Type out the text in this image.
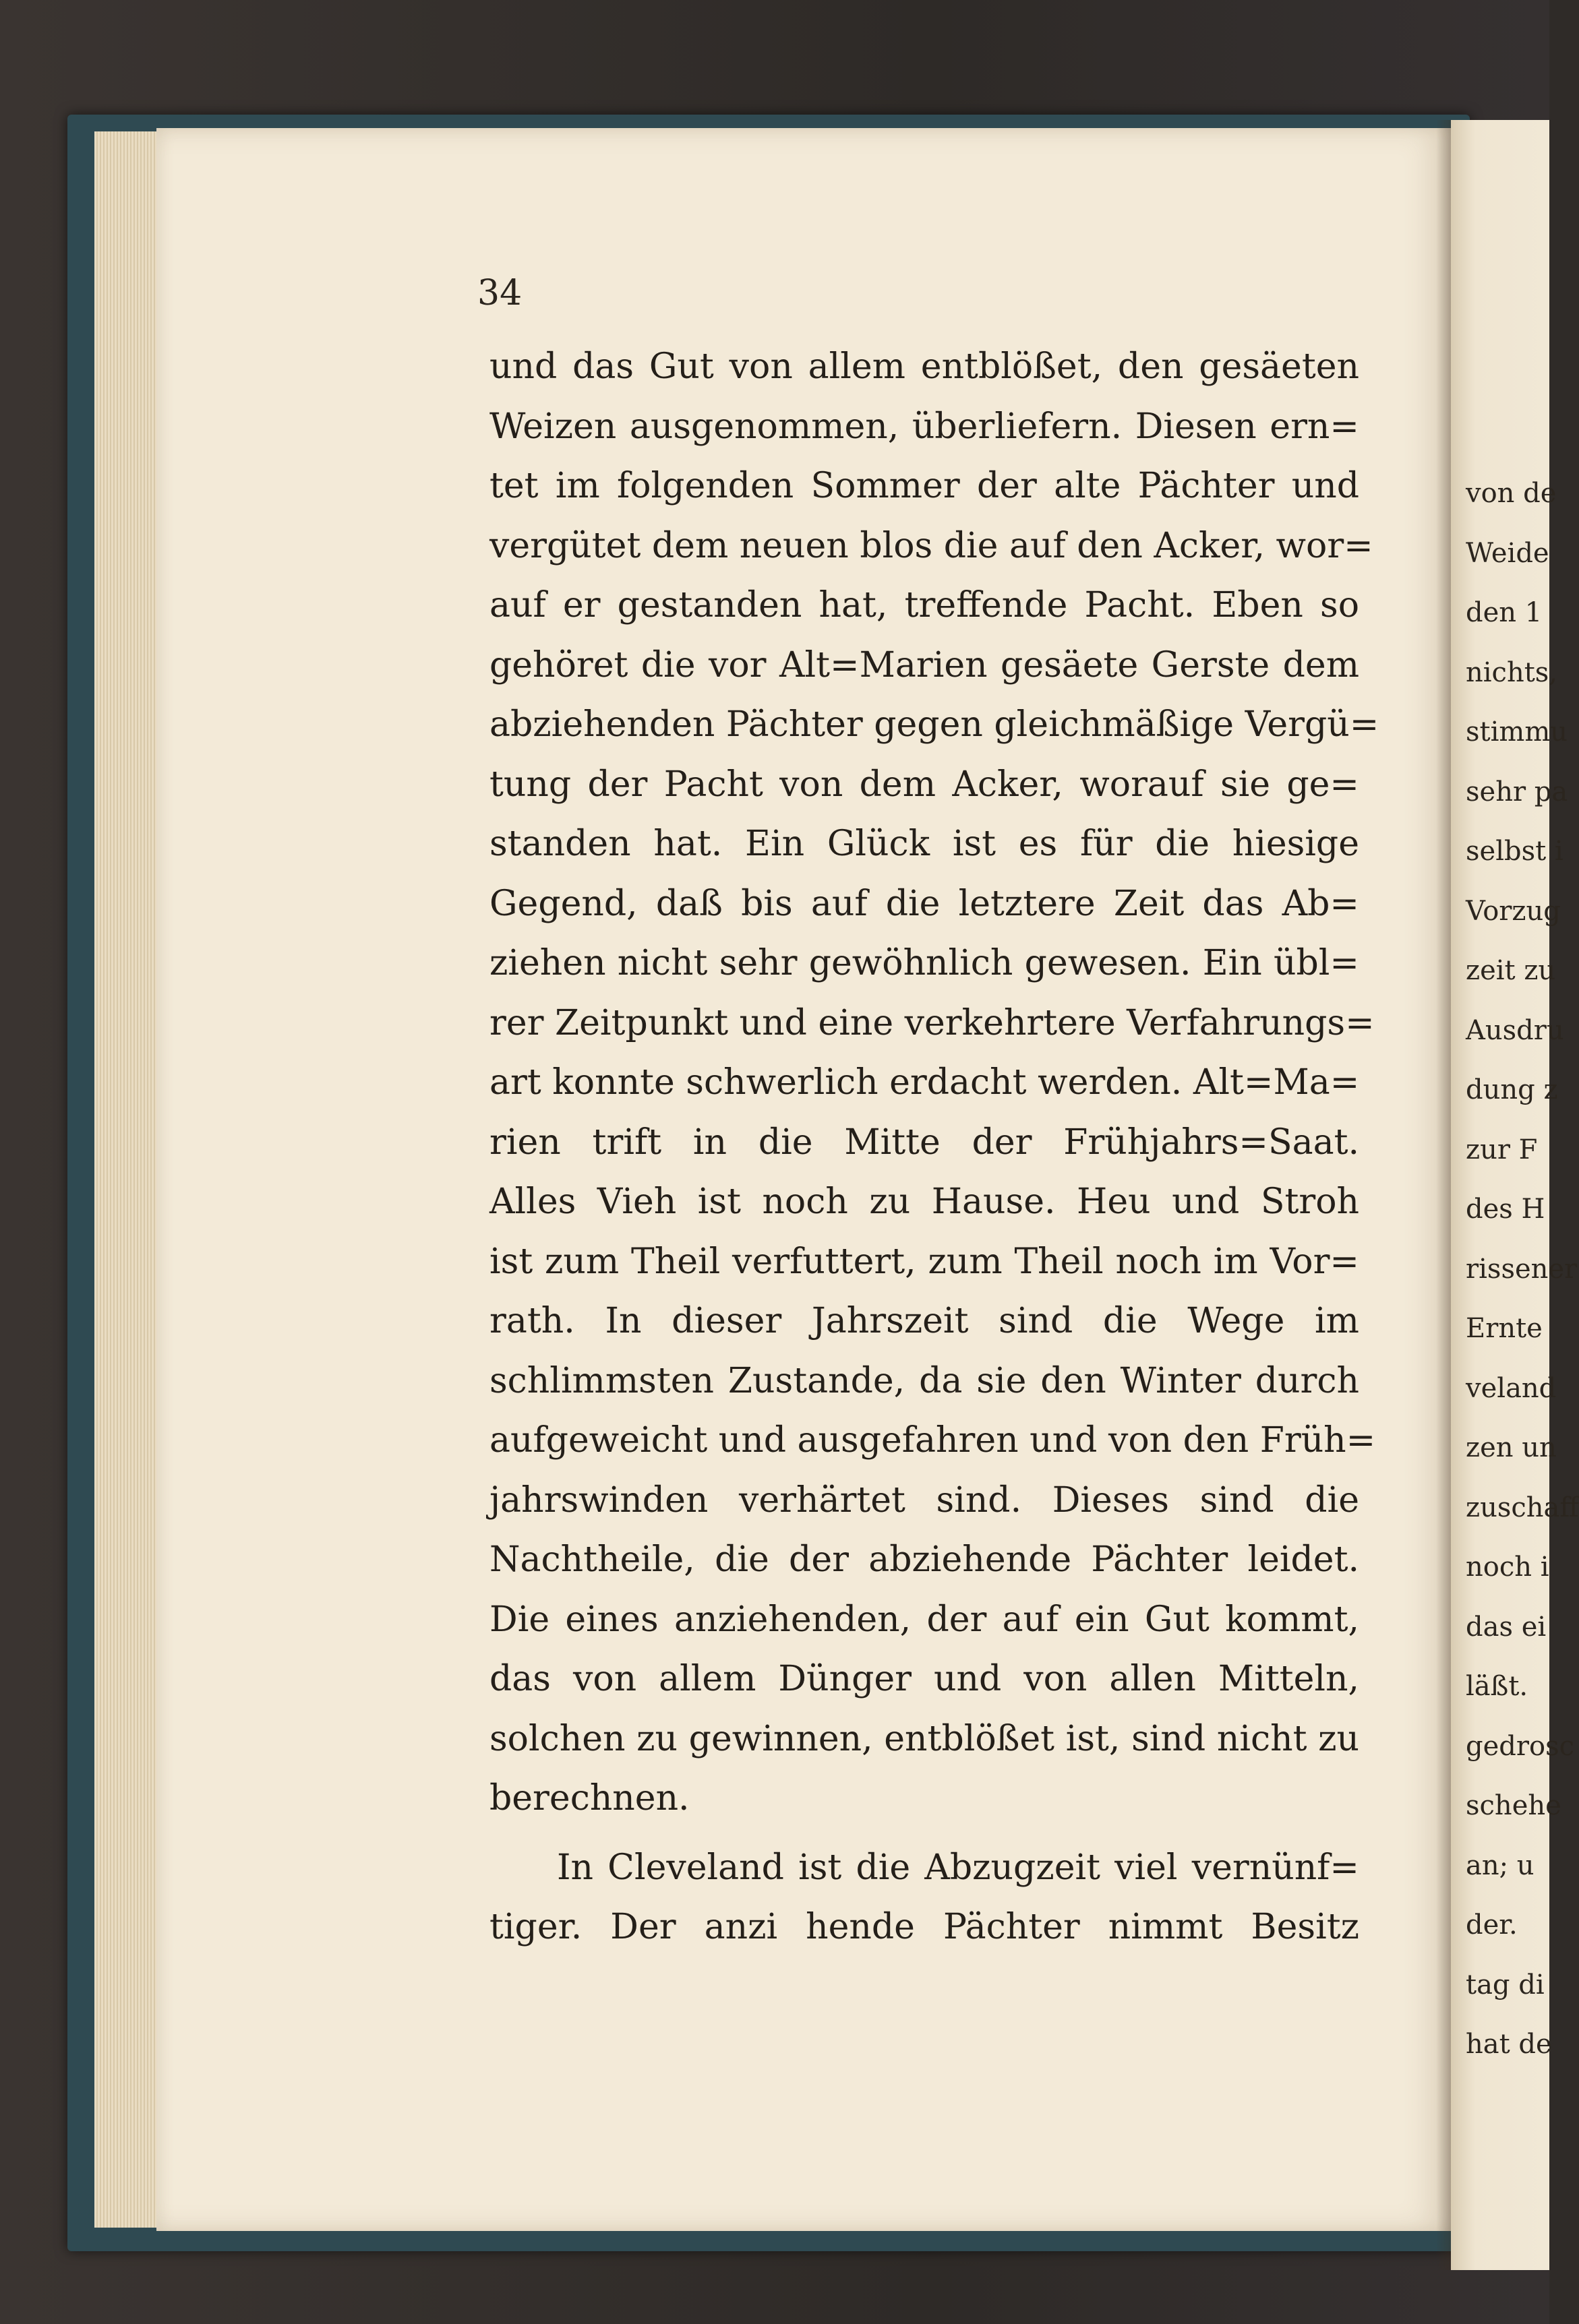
von de
Weide
den 1
nichts,
stimmu
sehr pa
selbst i
Vorzug
zeit zu
Ausdru
dung z
zur F
des H
rissener
Ernte
veland
zen un
zuschaff
noch i
das ei
läßt.
gedrosc
schehe
an; u
der.
tag di
hat de
34
und das Gut von allem entblößet, den gesäeten
Weizen ausgenommen, überliefern. Diesen ern=
tet im folgenden Sommer der alte Pächter und
vergütet dem neuen blos die auf den Acker, wor=
auf er gestanden hat, treffende Pacht. Eben so
gehöret die vor Alt=Marien gesäete Gerste dem
abziehenden Pächter gegen gleichmäßige Vergü=
tung der Pacht von dem Acker, worauf sie ge=
standen hat. Ein Glück ist es für die hiesige
Gegend, daß bis auf die letztere Zeit das Ab=
ziehen nicht sehr gewöhnlich gewesen. Ein übl=
rer Zeitpunkt und eine verkehrtere Verfahrungs=
art konnte schwerlich erdacht werden. Alt=Ma=
rien trift in die Mitte der Frühjahrs=Saat.
Alles Vieh ist noch zu Hause. Heu und Stroh
ist zum Theil verfuttert, zum Theil noch im Vor=
rath. In dieser Jahrszeit sind die Wege im
schlimmsten Zustande, da sie den Winter durch
aufgeweicht und ausgefahren und von den Früh=
jahrswinden verhärtet sind. Dieses sind die
Nachtheile, die der abziehende Pächter leidet.
Die eines anziehenden, der auf ein Gut kommt,
das von allem Dünger und von allen Mitteln,
solchen zu gewinnen, entblößet ist, sind nicht zu
berechnen.
In Cleveland ist die Abzugzeit viel vernünf=
tiger. Der anzi hende Pächter nimmt Besitz
